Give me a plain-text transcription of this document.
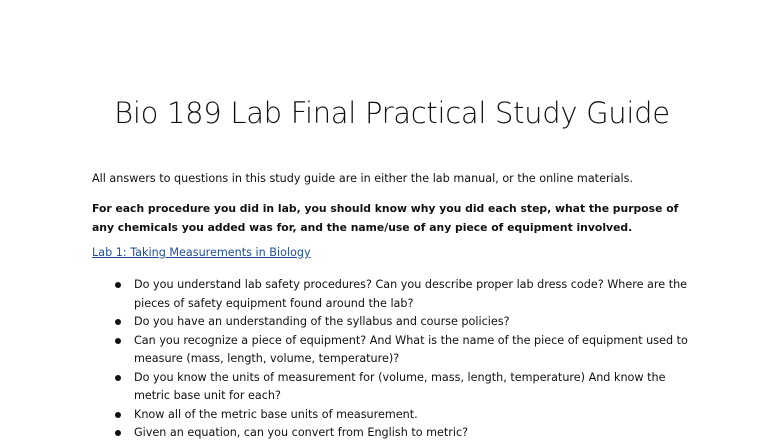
Bio 189 Lab Final Practical Study Guide

All answers to questions in this study guide are in either the lab manual, or the online materials.

For each procedure you did in lab, you should know why you did each step, what the purpose of any chemicals you added was for, and the name/use of any piece of equipment involved.

Lab 1: Taking Measurements in Biology

Do you understand lab safety procedures? Can you describe proper lab dress code? Where are the pieces of safety equipment found around the lab?
Do you have an understanding of the syllabus and course policies?
Can you recognize a piece of equipment? And What is the name of the piece of equipment used to measure (mass, length, volume, temperature)?
Do you know the units of measurement for (volume, mass, length, temperature) And know the metric base unit for each?
Know all of the metric base units of measurement.
Given an equation, can you convert from English to metric?
